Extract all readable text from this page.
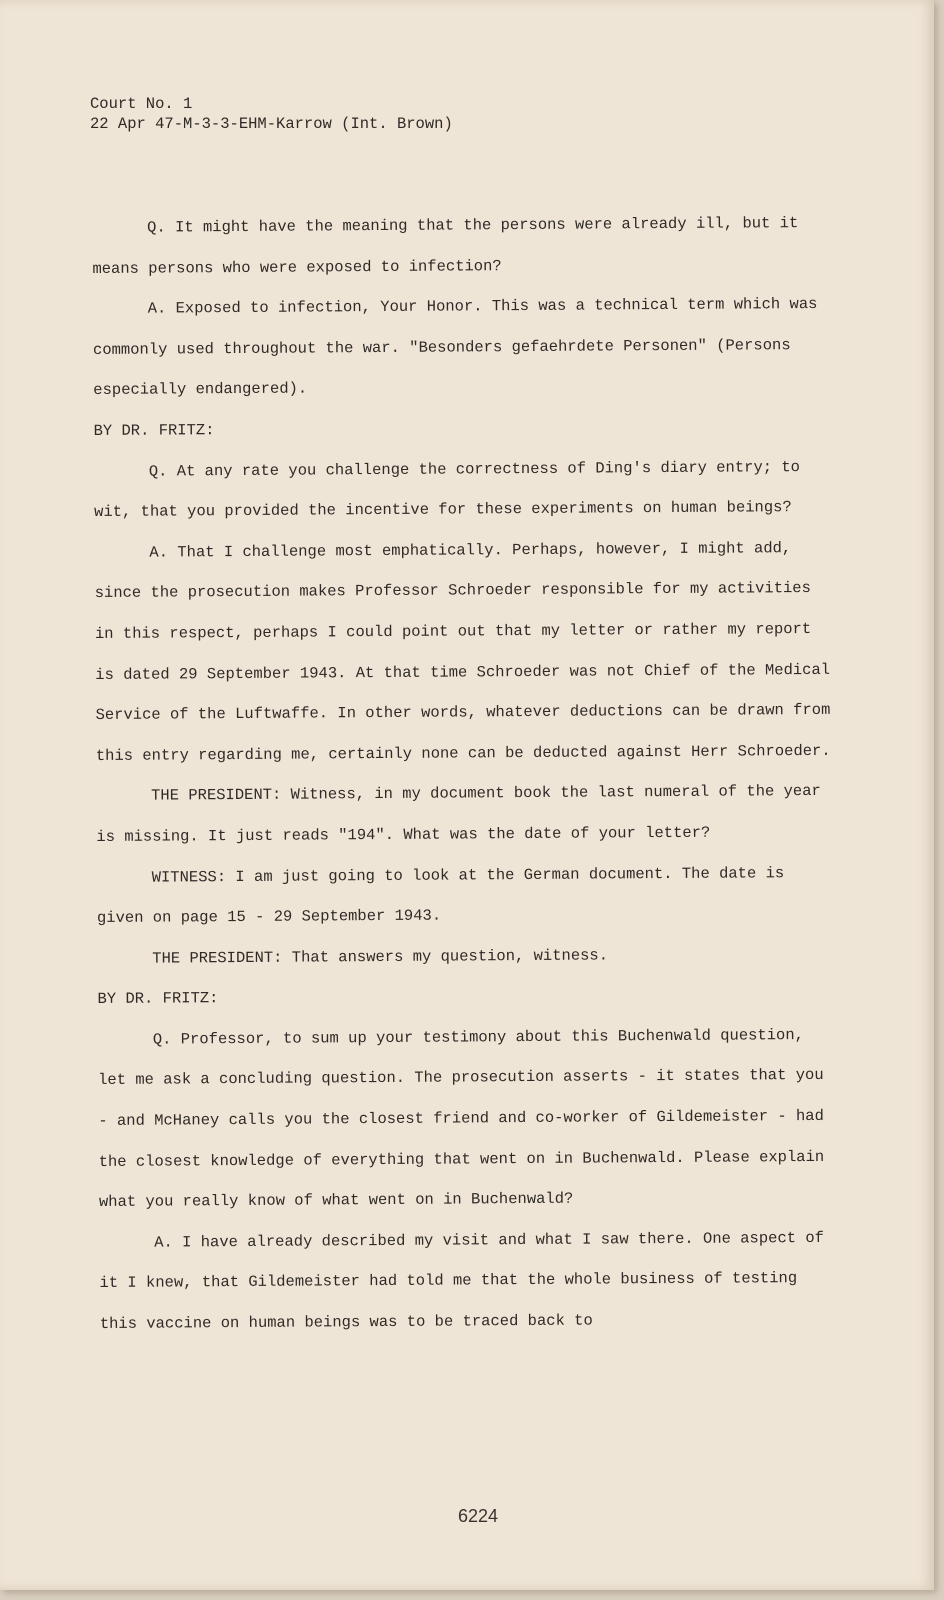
Court No. 1
22 Apr 47-M-3-3-EHM-Karrow (Int. Brown)

Q. It might have the meaning that the persons were already ill, but it means persons who were exposed to infection?

A. Exposed to infection, Your Honor. This was a technical term which was commonly used throughout the war. "Besonders gefaehrdete Personen" (Persons especially endangered).

BY DR. FRITZ:

Q. At any rate you challenge the correctness of Ding's diary entry; to wit, that you provided the incentive for these experiments on human beings?

A. That I challenge most emphatically. Perhaps, however, I might add, since the prosecution makes Professor Schroeder responsible for my activities in this respect, perhaps I could point out that my letter or rather my report is dated 29 September 1943. At that time Schroeder was not Chief of the Medical Service of the Luftwaffe. In other words, whatever deductions can be drawn from this entry regarding me, certainly none can be deducted against Herr Schroeder.

THE PRESIDENT: Witness, in my document book the last numeral of the year is missing. It just reads "194". What was the date of your letter?

WITNESS: I am just going to look at the German document. The date is given on page 15 - 29 September 1943.

THE PRESIDENT: That answers my question, witness.

BY DR. FRITZ:

Q. Professor, to sum up your testimony about this Buchenwald question, let me ask a concluding question. The prosecution asserts - it states that you - and McHaney calls you the closest friend and co-worker of Gildemeister - had the closest knowledge of everything that went on in Buchenwald. Please explain what you really know of what went on in Buchenwald?

A. I have already described my visit and what I saw there. One aspect of it I knew, that Gildemeister had told me that the whole business of testing this vaccine on human beings was to be traced back to

6224
